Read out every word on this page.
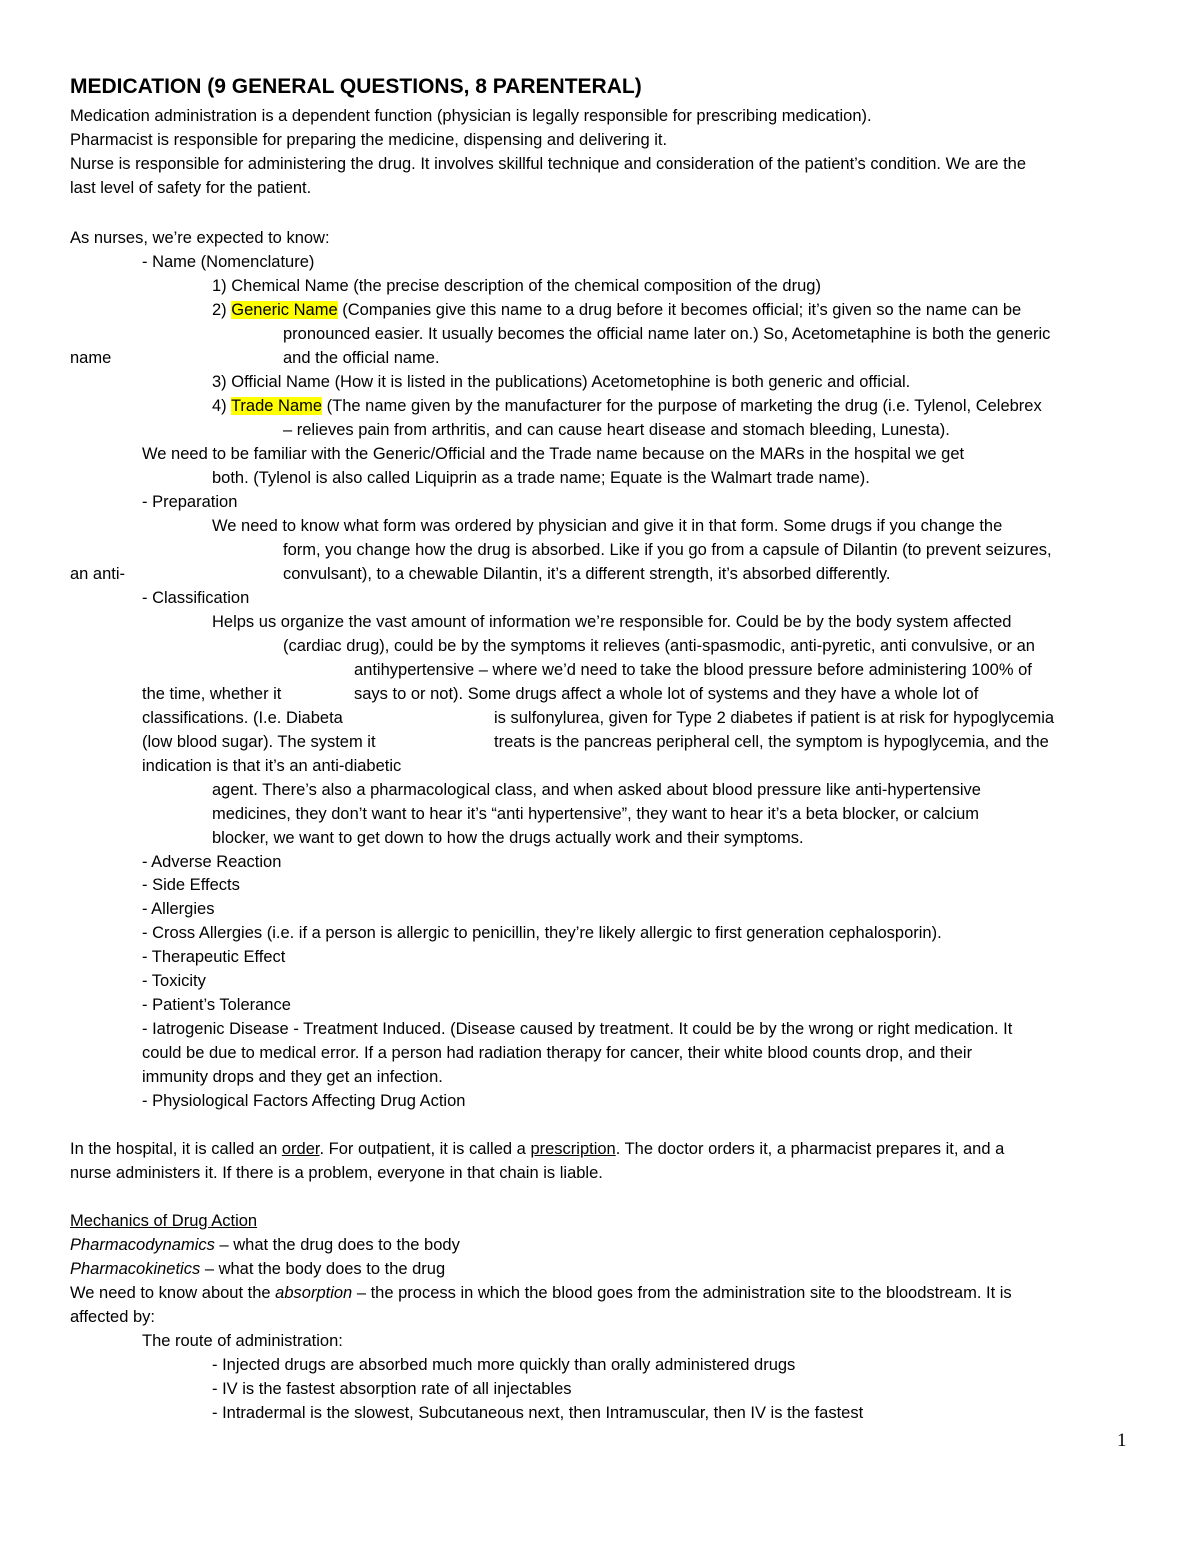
MEDICATION (9 GENERAL QUESTIONS, 8 PARENTERAL)
Medication administration is a dependent function (physician is legally responsible for prescribing medication).
Pharmacist is responsible for preparing the medicine, dispensing and delivering it.
Nurse is responsible for administering the drug. It involves skillful technique and consideration of the patient’s condition. We are the
last level of safety for the patient.
As nurses, we’re expected to know:
- Name (Nomenclature)
1) Chemical Name (the precise description of the chemical composition of the drug)
2) Generic Name (Companies give this name to a drug before it becomes official; it’s given so the name can be
pronounced easier. It usually becomes the official name later on.) So, Acetometaphine is both the generic
name	and the official name.
3) Official Name (How it is listed in the publications) Acetometophine is both generic and official.
4) Trade Name (The name given by the manufacturer for the purpose of marketing the drug (i.e. Tylenol, Celebrex
– relieves pain from arthritis, and can cause heart disease and stomach bleeding, Lunesta).
We need to be familiar with the Generic/Official and the Trade name because on the MARs in the hospital we get
both. (Tylenol is also called Liquiprin as a trade name; Equate is the Walmart trade name).
- Preparation
We need to know what form was ordered by physician and give it in that form. Some drugs if you change the
form, you change how the drug is absorbed. Like if you go from a capsule of Dilantin (to prevent seizures,
an anti-	convulsant), to a chewable Dilantin, it’s a different strength, it’s absorbed differently.
- Classification
Helps us organize the vast amount of information we’re responsible for. Could be by the body system affected
(cardiac drug), could be by the symptoms it relieves (anti-spasmodic, anti-pyretic, anti convulsive, or an
antihypertensive – where we’d need to take the blood pressure before administering 100% of
the time, whether it	says to or not). Some drugs affect a whole lot of systems and they have a whole lot of
classifications. (I.e. Diabeta	is sulfonylurea, given for Type 2 diabetes if patient is at risk for hypoglycemia
(low blood sugar). The system it	treats is the pancreas peripheral cell, the symptom is hypoglycemia, and the
indication is that it’s an anti-diabetic
agent. There’s also a pharmacological class, and when asked about blood pressure like anti-hypertensive
medicines, they don’t want to hear it’s “anti hypertensive”, they want to hear it’s a beta blocker, or calcium
blocker, we want to get down to how the drugs actually work and their symptoms.
- Adverse Reaction
- Side Effects
- Allergies
- Cross Allergies (i.e. if a person is allergic to penicillin, they’re likely allergic to first generation cephalosporin).
- Therapeutic Effect
- Toxicity
- Patient’s Tolerance
- Iatrogenic Disease - Treatment Induced. (Disease caused by treatment. It could be by the wrong or right medication. It
could be due to medical error. If a person had radiation therapy for cancer, their white blood counts drop, and their
immunity drops and they get an infection.
- Physiological Factors Affecting Drug Action
In the hospital, it is called an order. For outpatient, it is called a prescription. The doctor orders it, a pharmacist prepares it, and a
nurse administers it. If there is a problem, everyone in that chain is liable.
Mechanics of Drug Action
Pharmacodynamics – what the drug does to the body
Pharmacokinetics – what the body does to the drug
We need to know about the absorption – the process in which the blood goes from the administration site to the bloodstream. It is
affected by:
The route of administration:
- Injected drugs are absorbed much more quickly than orally administered drugs
- IV is the fastest absorption rate of all injectables
- Intradermal is the slowest, Subcutaneous next, then Intramuscular, then IV is the fastest
1
